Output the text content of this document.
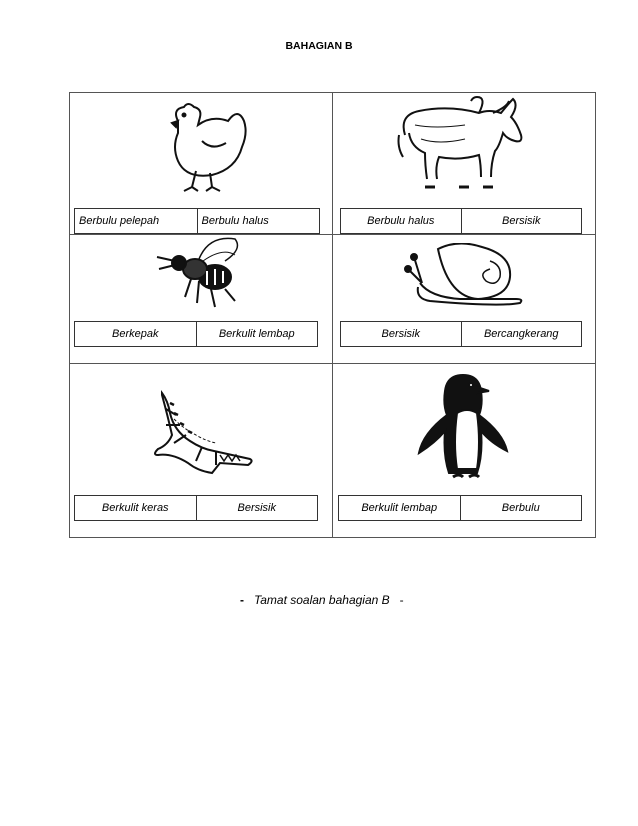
BAHAGIAN B
Berbulu pelepah	Berbulu halus	Berbulu halus	Bersisik
Berkepak	Berkulit lembap	Bersisik	Bercangkerang
Berkulit keras	Bersisik	Berkulit lembap	Berbulu
- Tamat soalan bahagian B -
